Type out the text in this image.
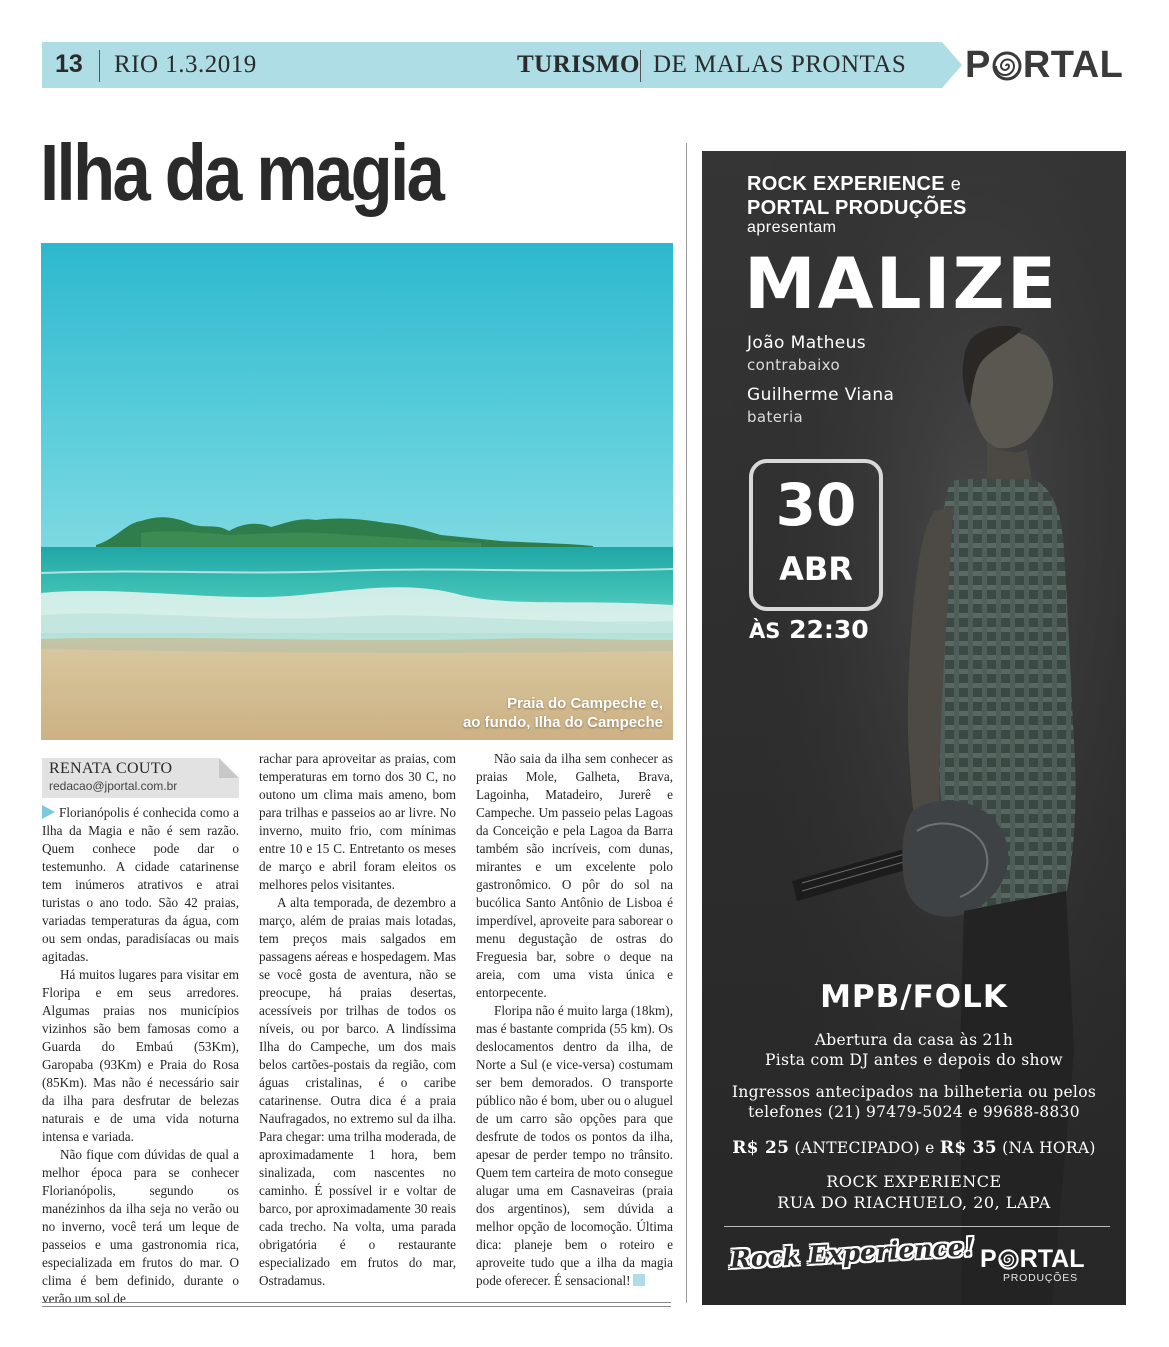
13 RIO 1.3.2019	TURISMO DE MALAS PRONTAS P RTAL
Ilha da magia
Praia do Campeche e,
ao fundo, Ilha do Campeche
RENATA COUTO
redacao@jportal.com.br

Florianópolis é conhecida como a Ilha da Magia e não é sem razão. Quem conhece pode dar o testemunho. A cidade catarinense tem inúmeros atrativos e atrai turistas o ano todo. São 42 praias, variadas temperaturas da água, com ou sem ondas, paradisíacas ou mais agitadas.

Há muitos lugares para visitar em Floripa e em seus arredores. Algumas praias nos municípios vizinhos são bem famosas como a Guarda do Embaú (53Km), Garopaba (93Km) e Praia do Rosa (85Km). Mas não é necessário sair da ilha para desfrutar de belezas naturais e de uma vida noturna intensa e variada.

Não fique com dúvidas de qual a melhor época para se conhecer Florianópolis, segundo os manézinhos da ilha seja no verão ou no inverno, você terá um leque de passeios e uma gastronomia rica, especializada em frutos do mar. O clima é bem definido, durante o verão um sol de

rachar para aproveitar as praias, com temperaturas em torno dos 30 C, no outono um clima mais ameno, bom para trilhas e passeios ao ar livre. No inverno, muito frio, com mínimas entre 10 e 15 C. Entretanto os meses de março e abril foram eleitos os melhores pelos visitantes.

A alta temporada, de dezembro a março, além de praias mais lotadas, tem preços mais salgados em passagens aéreas e hospedagem. Mas se você gosta de aventura, não se preocupe, há praias desertas, acessíveis por trilhas de todos os níveis, ou por barco. A lindíssima Ilha do Campeche, um dos mais belos cartões-postais da região, com águas cristalinas, é o caribe catarinense. Outra dica é a praia Naufragados, no extremo sul da ilha. Para chegar: uma trilha moderada, de aproximadamente 1 hora, bem sinalizada, com nascentes no caminho. É possível ir e voltar de barco, por aproximadamente 30 reais cada trecho. Na volta, uma parada obrigatória é o restaurante especializado em frutos do mar, Ostradamus.

Não saia da ilha sem conhecer as praias Mole, Galheta, Brava, Lagoinha, Matadeiro, Jurerê e Campeche. Um passeio pelas Lagoas da Conceição e pela Lagoa da Barra também são incríveis, com dunas, mirantes e um excelente polo gastronômico. O pôr do sol na bucólica Santo Antônio de Lisboa é imperdível, aproveite para saborear o menu degustação de ostras do Freguesia bar, sobre o deque na areia, com uma vista única e entorpecente.

Floripa não é muito larga (18km), mas é bastante comprida (55 km). Os deslocamentos dentro da ilha, de Norte a Sul (e vice-versa) costumam ser bem demorados. O transporte público não é bom, uber ou o aluguel de um carro são opções para que desfrute de todos os pontos da ilha, apesar de perder tempo no trânsito. Quem tem carteira de moto consegue alugar uma em Casnaveiras (praia dos argentinos), sem dúvida a melhor opção de locomoção. Última dica: planeje bem o roteiro e aproveite tudo que a ilha da magia pode oferecer. É sensacional!

ROCK EXPERIENCE e
PORTAL PRODUÇÕES
apresentam
MALIZE
João Matheus
contrabaixo
Guilherme Viana
bateria
30
ABR
ÀS 22:30
MPB/FOLK
Abertura da casa às 21h
Pista com DJ antes e depois do show
Ingressos antecipados na bilheteria ou pelos
telefones (21) 97479-5024 e 99688-8830
R$ 25 (ANTECIPADO) e R$ 35 (NA HORA)
ROCK EXPERIENCE
RUA DO RIACHUELO, 20, LAPA
Rock Experience! P RTAL
PRODUÇÕES
